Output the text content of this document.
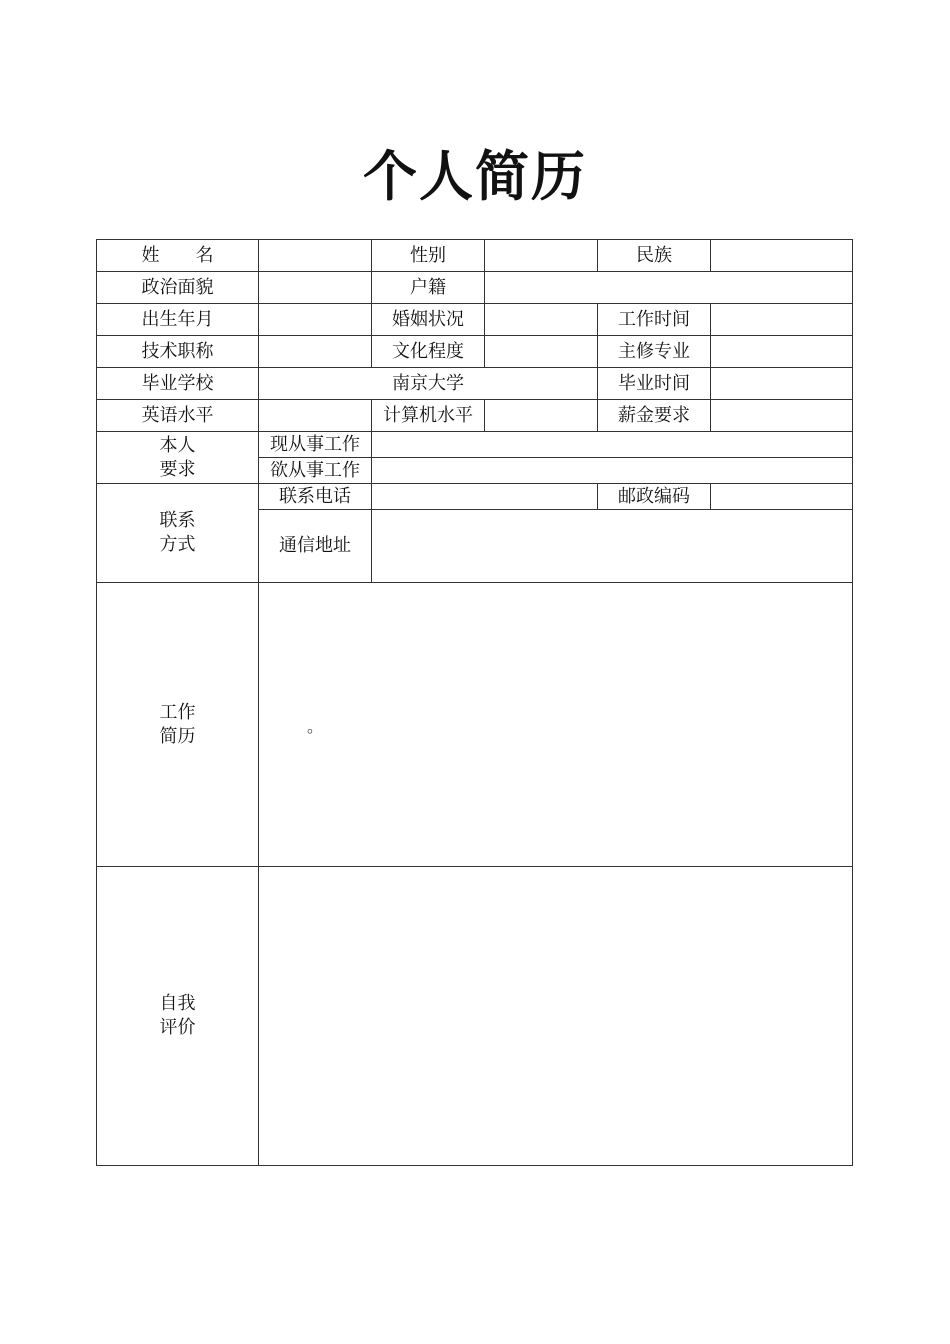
个人简历
姓　　名		性别		民族	
政治面貌		户籍			
出生年月		婚姻状况		工作时间	
技术职称		文化程度		主修专业	
毕业学校	南京大学			毕业时间	
英语水平		计算机水平		薪金要求	

本人
要求	现从事工作				
	欲从事工作				

联系
方式	联系电话			邮政编码	
	通信地址				

工作
简历	。				

自我
评价					
